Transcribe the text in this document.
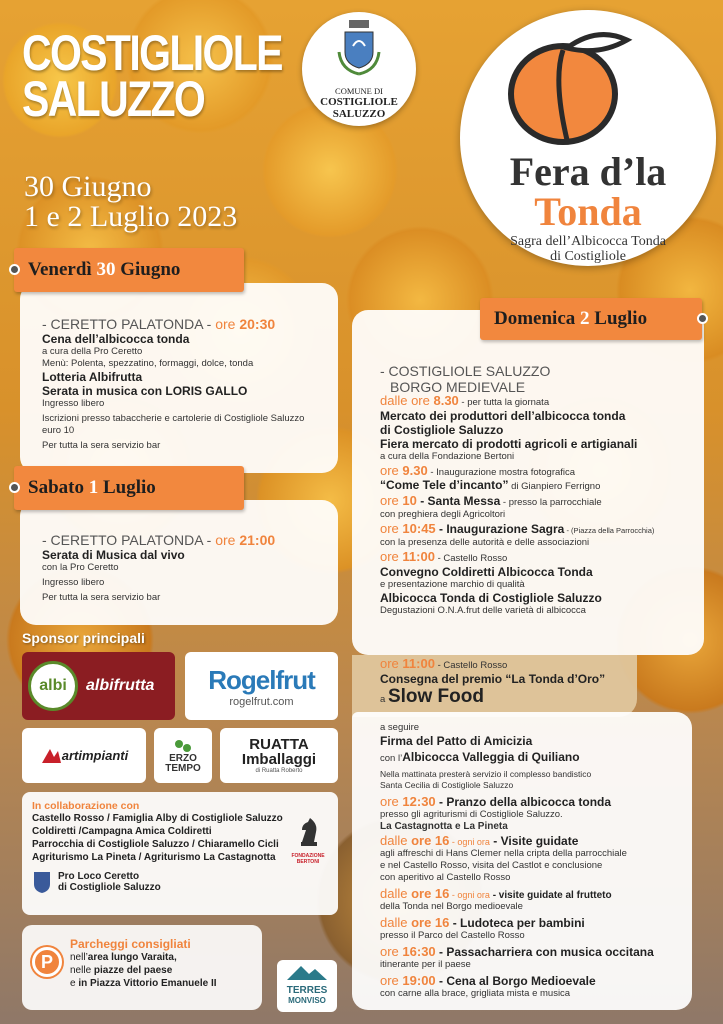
COSTIGLIOLE
SALUZZO
30 Giugno
1 e 2 Luglio 2023
COMUNE DI
COSTIGLIOLE
SALUZZO
Fera d’la
Tonda
Sagra dell’Albicocca Tonda
di Costigliole
Venerdì
30
Giugno
- CERETTO PALATONDA - ore 20:30
Cena dell’albicocca tonda
a cura della Pro Ceretto
Menù: Polenta, spezzatino, formaggi, dolce, tonda
Lotteria Albifrutta
Serata in musica con LORIS GALLO
Ingresso libero
Iscrizioni presso tabaccherie e cartolerie di Costigliole Saluzzo
euro 10
Per tutta la sera servizio bar
Sabato
1
Luglio
- CERETTO PALATONDA - ore 21:00
Serata di Musica dal vivo
con la Pro Ceretto
Ingresso libero
Per tutta la sera servizio bar
Domenica
2
Luglio
- COSTIGLIOLE SALUZZO
BORGO MEDIEVALE
dalle ore 8.30 - per tutta la giornata
Mercato dei produttori dell’albicocca tonda
di Costigliole Saluzzo
Fiera mercato di prodotti agricoli e artigianali
a cura della Fondazione Bertoni
ore 9.30 - Inaugurazione mostra fotografica
“Come Tele d’incanto” di Gianpiero Ferrigno
ore 10 - Santa Messa - presso la parrocchiale
con preghiera degli Agricoltori
ore 10:45 - Inaugurazione Sagra - (Piazza della Parrocchia)
con la presenza delle autorità e delle associazioni
ore 11:00 - Castello Rosso
Convegno Coldiretti Albicocca Tonda
e presentazione marchio di qualità
Albicocca Tonda di Costigliole Saluzzo
Degustazioni O.N.A.frut delle varietà di albicocca
ore 11:00 - Castello Rosso
Consegna del premio “La Tonda d’Oro”
a Slow Food
a seguire
Firma del Patto di Amicizia
con l’Albicocca Valleggia di Quiliano
Nella mattinata presterà servizio il complesso bandistico
Santa Cecilia di Costigliole Saluzzo
ore 12:30 - Pranzo della albicocca tonda
presso gli agriturismi di Costigliole Saluzzo.
La Castagnotta e La Pineta
dalle ore 16 - ogni ora - Visite guidate
agli affreschi di Hans Clemer nella cripta della parrocchiale
e nel Castello Rosso, visita del Castlot e conclusione
con aperitivo al Castello Rosso
dalle ore 16 - ogni ora - visite guidate al frutteto
della Tonda nel Borgo medioevale
dalle ore 16 - Ludoteca per bambini
presso il Parco del Castello Rosso
ore 16:30 - Passacharriera con musica occitana
itinerante per il paese
ore 19:00 - Cena al Borgo Medioevale
con carne alla brace, grigliata mista e musica
Sponsor principali
albi albifrutta Rogelfrut
rogelfrut.com
artimpianti	ERZO
TEMPO
RUATTA
Imballaggi
di Ruatta Roberto
In collaborazione con
Castello Rosso / Famiglia Alby di Costigliole Saluzzo
Coldiretti /Campagna Amica Coldiretti
Parrocchia di Costigliole Saluzzo / Chiaramello Cicli
Agriturismo La Pineta / Agriturismo La Castagnotta
Pro Loco Ceretto
di Costigliole Saluzzo
FONDAZIONE BERTONI
P
Parcheggi consigliati
nell’area lungo Varaita,
nelle piazze del paese
e in Piazza Vittorio Emanuele II
TERRES
MONVISO
